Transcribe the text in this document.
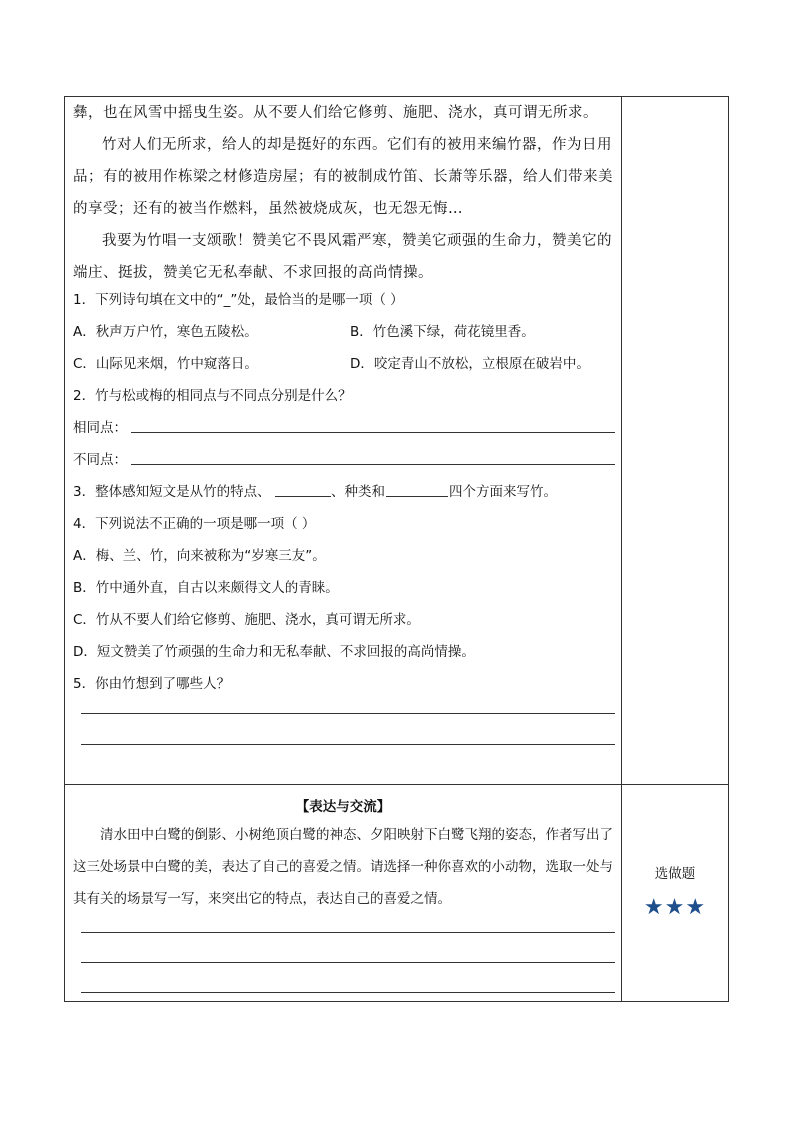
彝，也在风雪中摇曳生姿。从不要人们给它修剪、施肥、浇水，真可谓无所求。
竹对人们无所求，给人的却是挺好的东西。它们有的被用来编竹器，作为日用品；有的被用作栋梁之材修造房屋；有的被制成竹笛、长萧等乐器，给人们带来美的享受；还有的被当作燃料，虽然被烧成灰，也无怨无悔…
我要为竹唱一支颂歌！赞美它不畏风霜严寒，赞美它顽强的生命力，赞美它的端庄、挺拔，赞美它无私奉献、不求回报的高尚情操。
1．下列诗句填在文中的“_”处，最恰当的是哪一项（ ）
A．秋声万户竹，寒色五陵松。	B．竹色溪下绿，荷花镜里香。
C．山际见来烟，竹中窥落日。	D．咬定青山不放松，立根原在破岩中。
2．竹与松或梅的相同点与不同点分别是什么？
相同点：
不同点：
3．整体感知短文是从竹的特点、	、种类和	四个方面来写竹。
4．下列说法不正确的一项是哪一项（ ）
A．梅、兰、竹，向来被称为“岁寒三友”。
B．竹中通外直，自古以来颇得文人的青睐。
C．竹从不要人们给它修剪、施肥、浇水，真可谓无所求。
D．短文赞美了竹顽强的生命力和无私奉献、不求回报的高尚情操。
5．你由竹想到了哪些人？
【表达与交流】
清水田中白鹭的倒影、小树绝顶白鹭的神态、夕阳映射下白鹭飞翔的姿态，作者写出了这三处场景中白鹭的美，表达了自己的喜爱之情。请选择一种你喜欢的小动物，选取一处与其有关的场景写一写，来突出它的特点，表达自己的喜爱之情。
选做题
★★★
